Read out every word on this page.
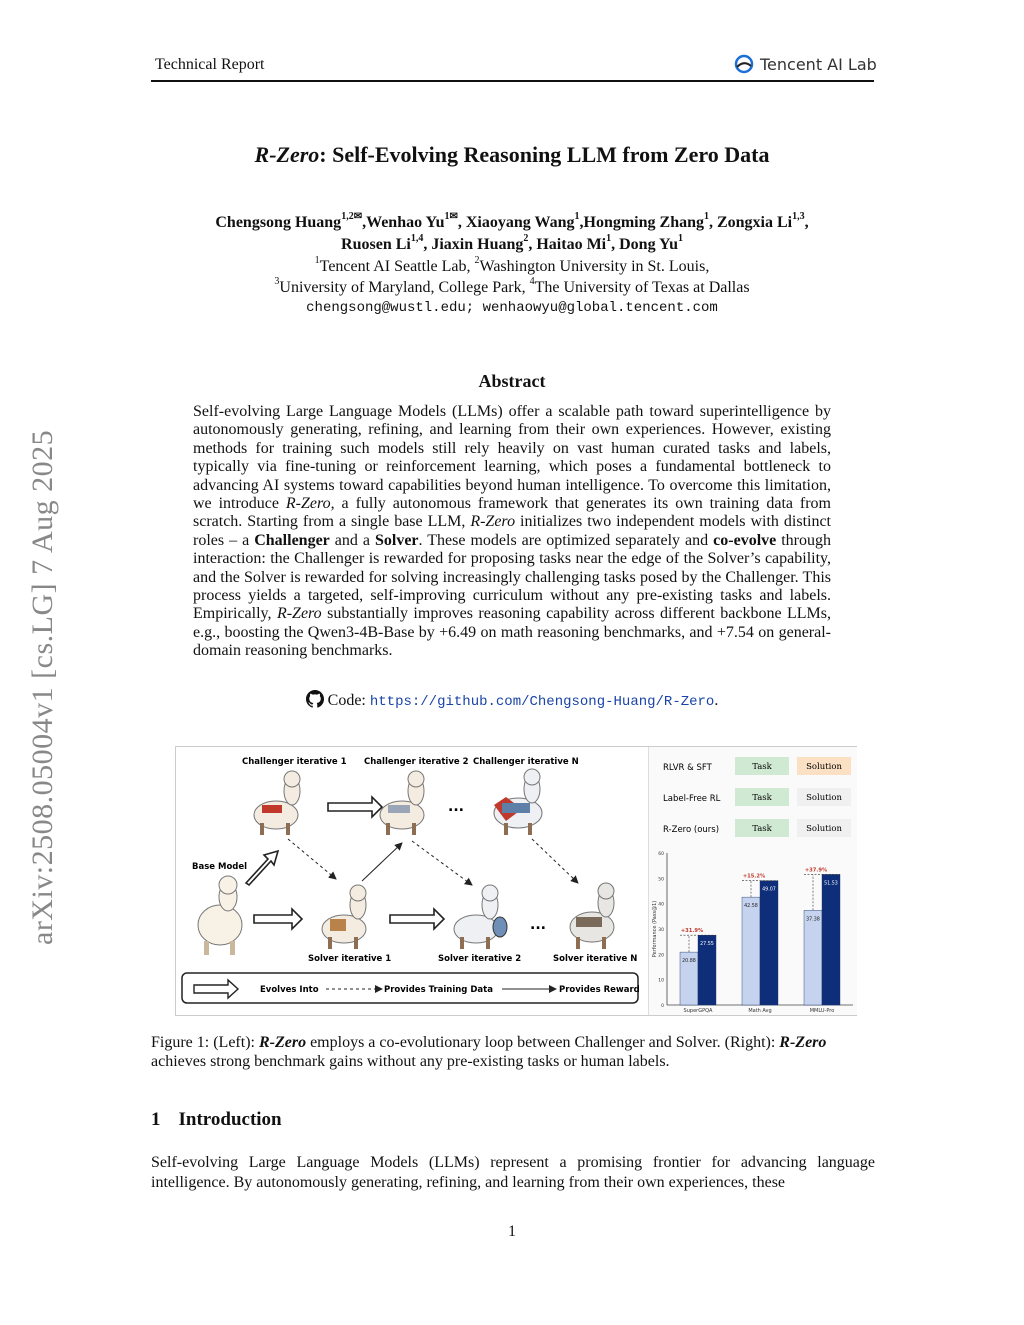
Technical Report	Tencent AI Lab
arXiv:2508.05004v1 [cs.LG] 7 Aug 2025
R-Zero: Self-Evolving Reasoning LLM from Zero Data
Chengsong Huang$^{1,2✉}$,Wenhao $Yu^{1✉}$, Xiaoyang Wang$^1$,Hongming Zhang$^1$, Zongxia Li$^{1,3}$,
Ruosen Li$^{1,4}$, Jiaxin Huang$^2$, Haitao Mi$^1$, Dong Yu$^1$
$^1$Tencent AI Seattle Lab, $^2$Washington University in St. Louis,
$^3$University of Maryland, College Park, $^4$The University of Texas at Dallas
chengsong@wustl.edu; wenhaowyu@global.tencent.com
Abstract
Self-evolving Large Language Models (LLMs) offer a scalable path toward superintelligence by autonomously generating, refining, and learning from their own experiences. However, existing methods for training such models still rely heavily on vast human curated tasks and labels, typically via fine-tuning or reinforcement learning, which poses a fundamental bottleneck to advancing AI systems toward capabilities beyond human intelligence. To overcome this limitation, we introduce R-Zero, a fully autonomous framework that generates its own training data from scratch. Starting from a single base LLM, R-Zero initializes two independent models with distinct roles – a Challenger and a Solver. These models are optimized separately and co-evolve through interaction: the Challenger is rewarded for proposing tasks near the edge of the Solver’s capability, and the Solver is rewarded for solving increasingly challenging tasks posed by the Challenger. This process yields a targeted, self-improving curriculum without any pre-existing tasks and labels. Empirically, R-Zero substantially improves reasoning capability across different backbone LLMs, e.g., boosting the Qwen3-4B-Base by +6.49 on math reasoning benchmarks, and +7.54 on general-domain reasoning benchmarks.
Code: https://github.com/Chengsong-Huang/R-Zero.
Challenger iterative 1 Challenger iterative 2 Challenger iterative N
...
Base Model
...
Solver iterative 1	Solver iterative 2	Solver iterative N
Evolves Into	Provides Training Data	Provides Reward
RLVR & SFT	Task	Solution
Label-Free RL	Task	Solution
R-Zero (ours)	Task	Solution
0
10
20
30
40
50
60
Performance (Pass@1)
20.88
27.55
+31.9%
SuperGPQA
42.58
49.07
+15.2%
Math Avg
37.38
51.53
+37.9%
MMLU-Pro
Figure 1: (Left): R-Zero employs a co-evolutionary loop between Challenger and Solver. (Right): R-Zero achieves strong benchmark gains without any pre-existing tasks or human labels.
1 Introduction
Self-evolving Large Language Models (LLMs) represent a promising frontier for advancing language intelligence. By autonomously generating, refining, and learning from their own experiences, these
1
